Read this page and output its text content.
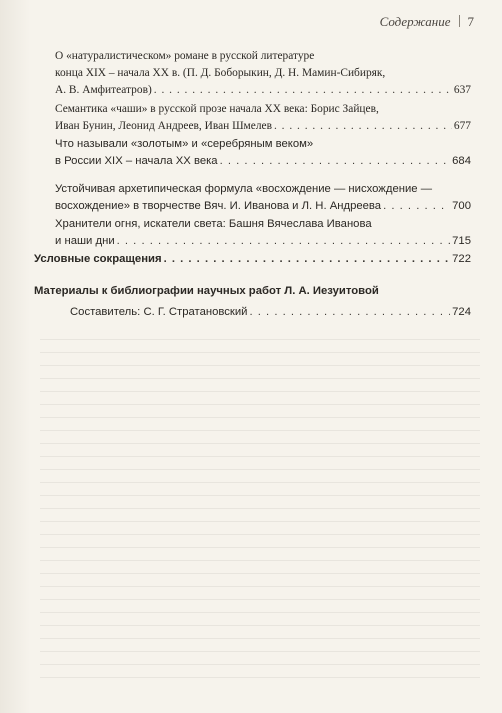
Содержание 7
О «натуралистическом» романе в русской литературе
конца XIX – начала XX в. (П. Д. Боборыкин, Д. Н. Мамин-Сибиряк,
А. В. Амфитеатров) . . .	637
Семантика «чаши» в русской прозе начала XX века: Борис Зайцев,
Иван Бунин, Леонид Андреев, Иван Шмелев . . .	677
Что называли «золотым» и «серебряным веком»
в России XIX – начала XX века . . .	684
Устойчивая архетипическая формула «восхождение — нисхождение —
восхождение» в творчестве Вяч. И. Иванова и Л. Н. Андреева . . .	700
Хранители огня, искатели света: Башня Вячеслава Иванова
и наши дни . . .	715
Условные сокращения . . .	722
Материалы к библиографии научных работ Л. А. Иезуитовой
Составитель: С. Г. Стратановский . . .	724
